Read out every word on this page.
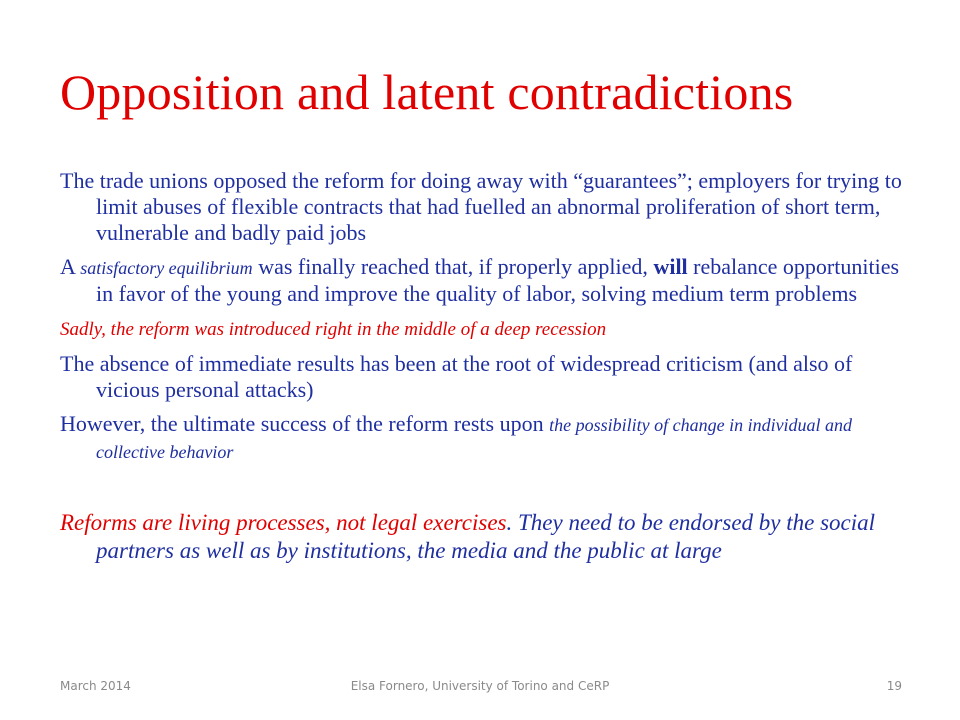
Opposition and latent contradictions

The trade unions opposed the reform for doing away with “guarantees”; employers for trying to limit abuses of flexible contracts that had fuelled an abnormal proliferation of short term, vulnerable and badly paid jobs

A satisfactory equilibrium was finally reached that, if properly applied, will rebalance opportunities in favor of the young and improve the quality of labor, solving medium term problems

Sadly, the reform was introduced right in the middle of a deep recession

The absence of immediate results has been at the root of widespread criticism (and also of vicious personal attacks)

However, the ultimate success of the reform rests upon the possibility of change in individual and collective behavior

Reforms are living processes, not legal exercises. They need to be endorsed by the social partners as well as by institutions, the media and the public at large

March 2014	Elsa Fornero, University of Torino and CeRP	19
